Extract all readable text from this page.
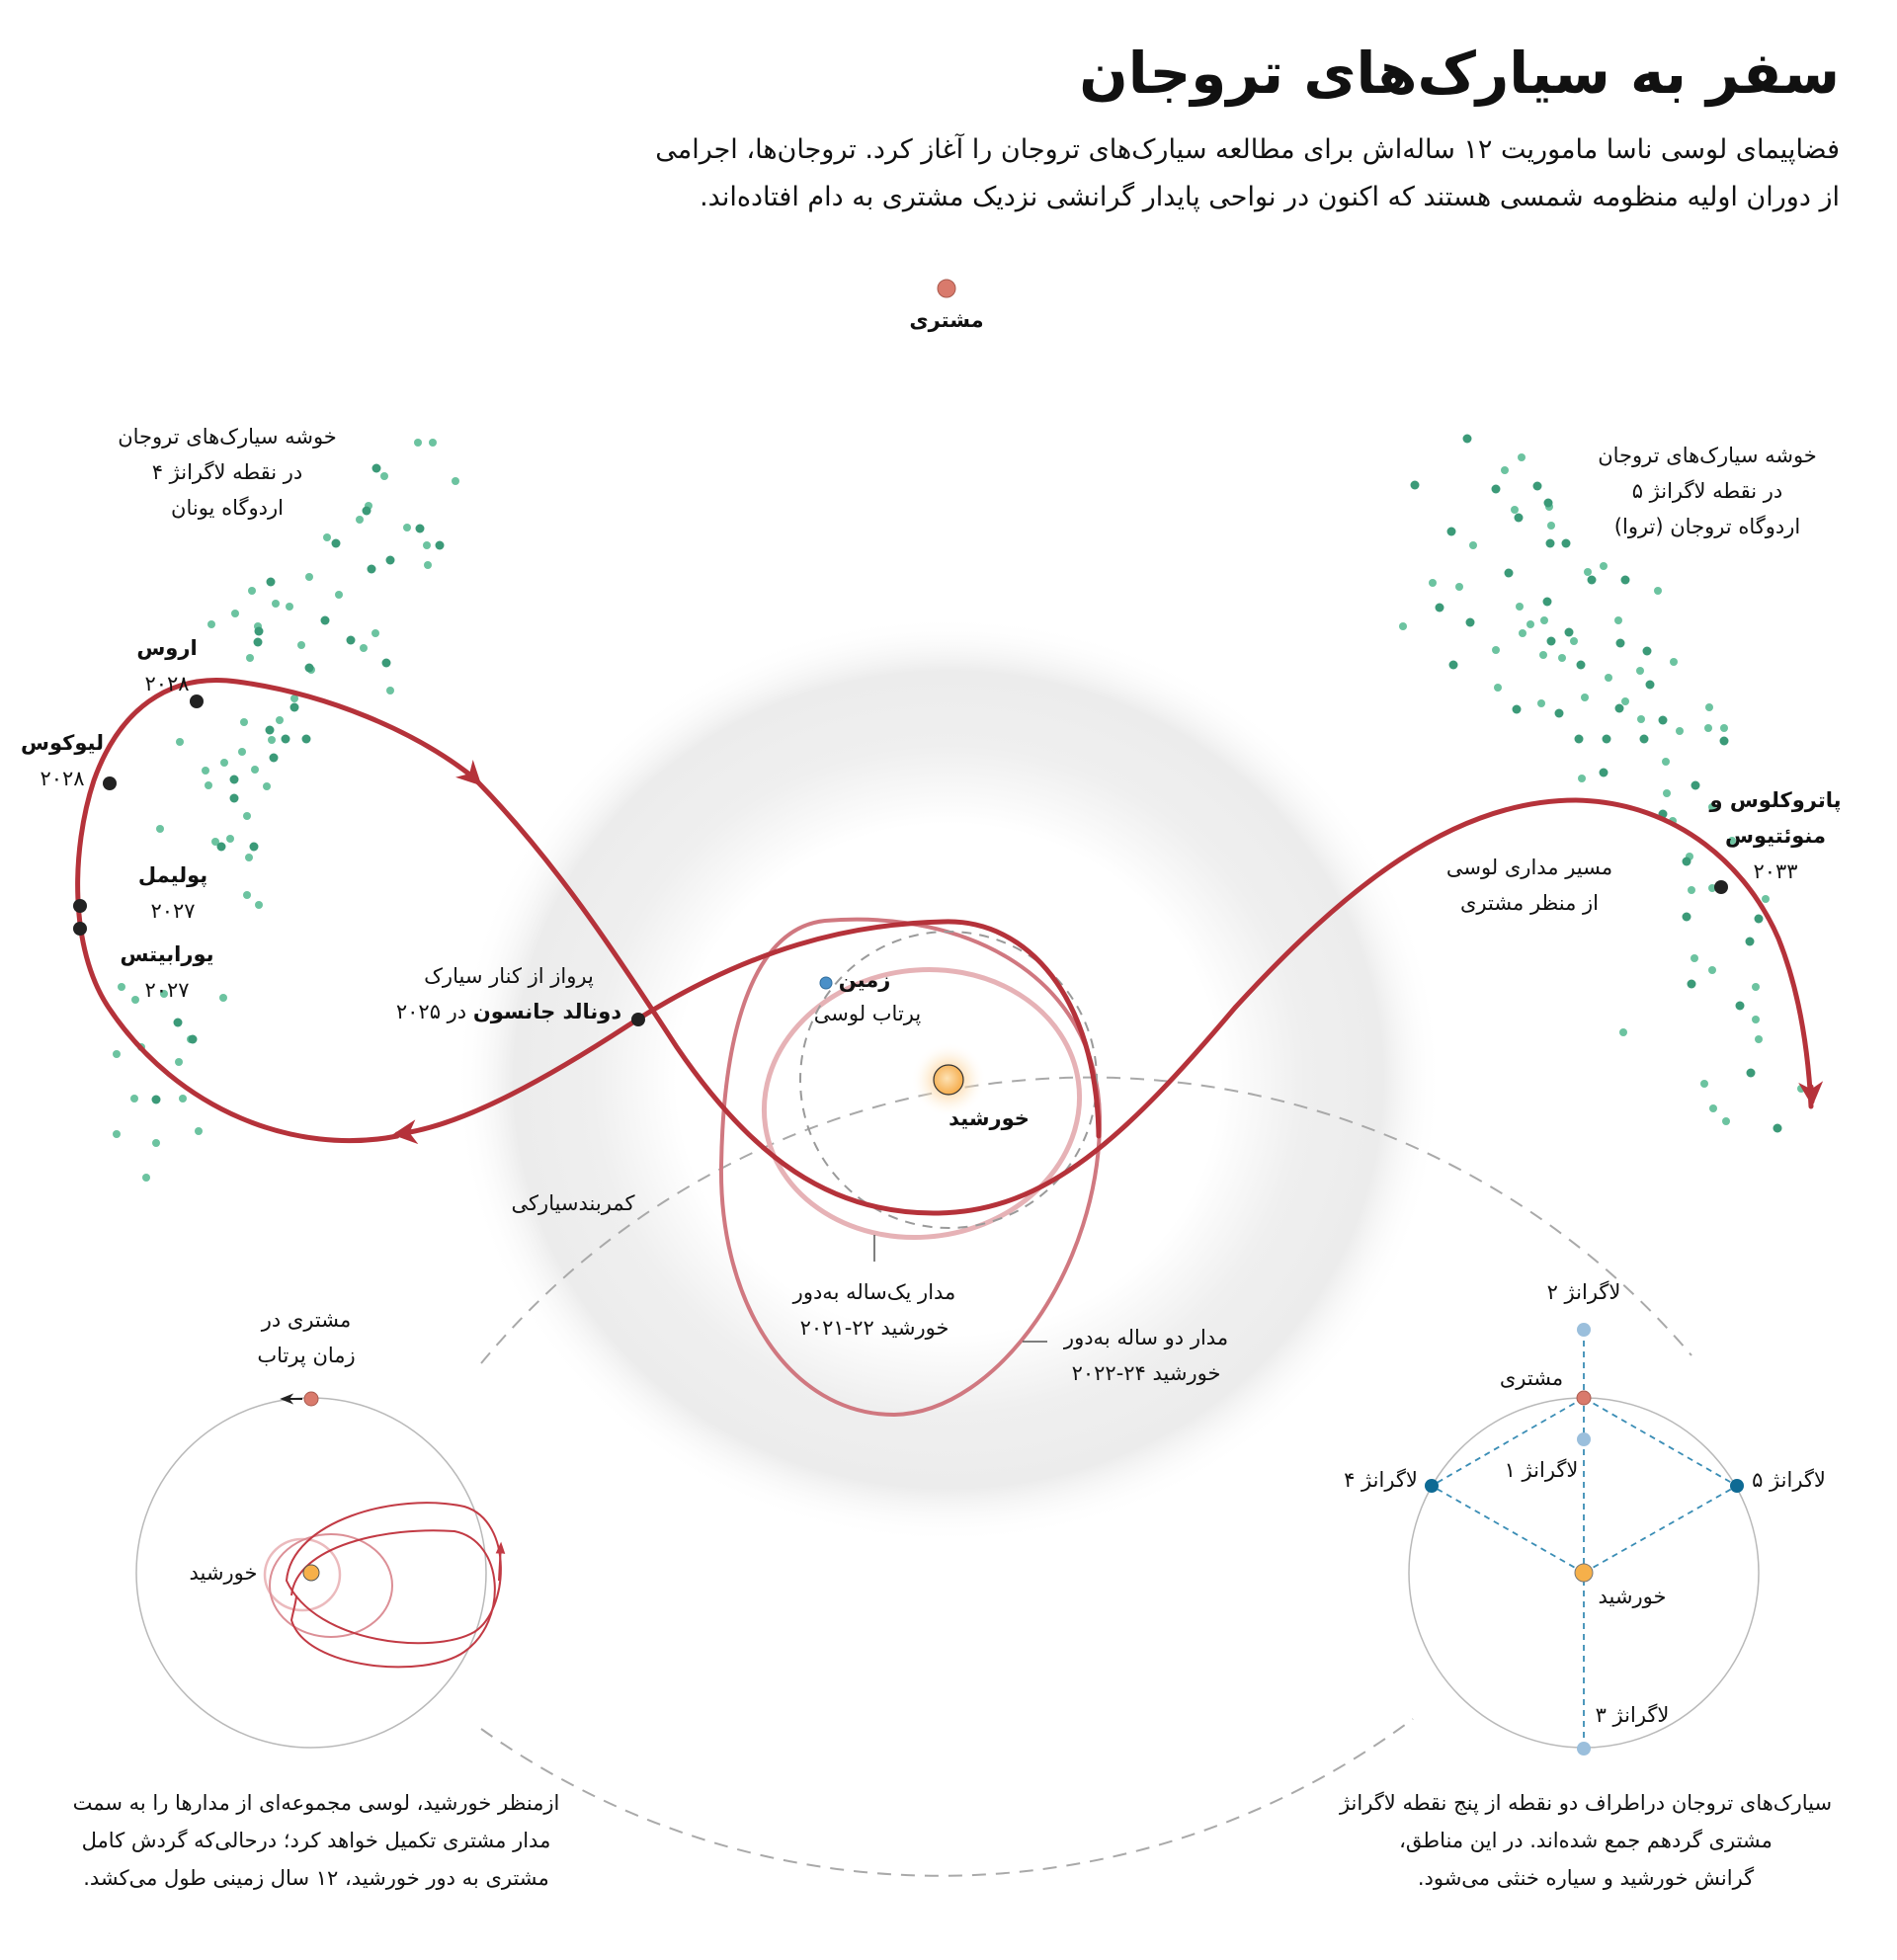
سفر به سیارک‌های تروجان

فضاپیمای لوسی ناسا ماموریت ۱۲ ساله‌اش برای مطالعه سیارک‌های تروجان را آغاز کرد. تروجان‌ها، اجرامی

از دوران اولیه منظومه شمسی هستند که اکنون در نواحی پایدار گرانشی نزدیک مشتری به دام افتاده‌اند.

مشتری
خوشه سیارک‌های تروجان
در نقطه لاگرانژ ۴
اردوگاه یونان
خوشه سیارک‌های تروجان
در نقطه لاگرانژ ۵
اردوگاه تروجان (تروا)
اروس
۲۰۲۸
لیوکوس
۲۰۲۸
پولیمل
۲۰۲۷
یورابیتس
۲۰۲۷
پاتروکلوس و
منوئتیوس
۲۰۳۳
مسیر مداری لوسی
از منظر مشتری
پرواز از کنار سیارک
دونالد جانسون در ۲۰۲۵
زمین
پرتاب لوسی
خورشید
کمربندسیارکی
مدار یک‌ساله به‌دور
خورشید ۲۲-۲۰۲۱	مدار دو ساله به‌دور
خورشید ۲۴-۲۰۲۲
مشتری در
زمان پرتاب
خورشید
ازمنظر خورشید، لوسی مجموعه‌ای از مدارها را به سمت
مدار مشتری تکمیل خواهد کرد؛ درحالی‌که گردش کامل
مشتری به دور خورشید، ۱۲ سال زمینی طول می‌کشد.
لاگرانژ ۲
مشتری
لاگرانژ ۱
لاگرانژ ۴	لاگرانژ ۵
خورشید
لاگرانژ ۳
سیارک‌های تروجان دراطراف دو نقطه از پنج نقطه لاگرانژ
مشتری گردهم جمع شده‌اند. در این مناطق،
گرانش خورشید و سیاره خنثی می‌شود.
